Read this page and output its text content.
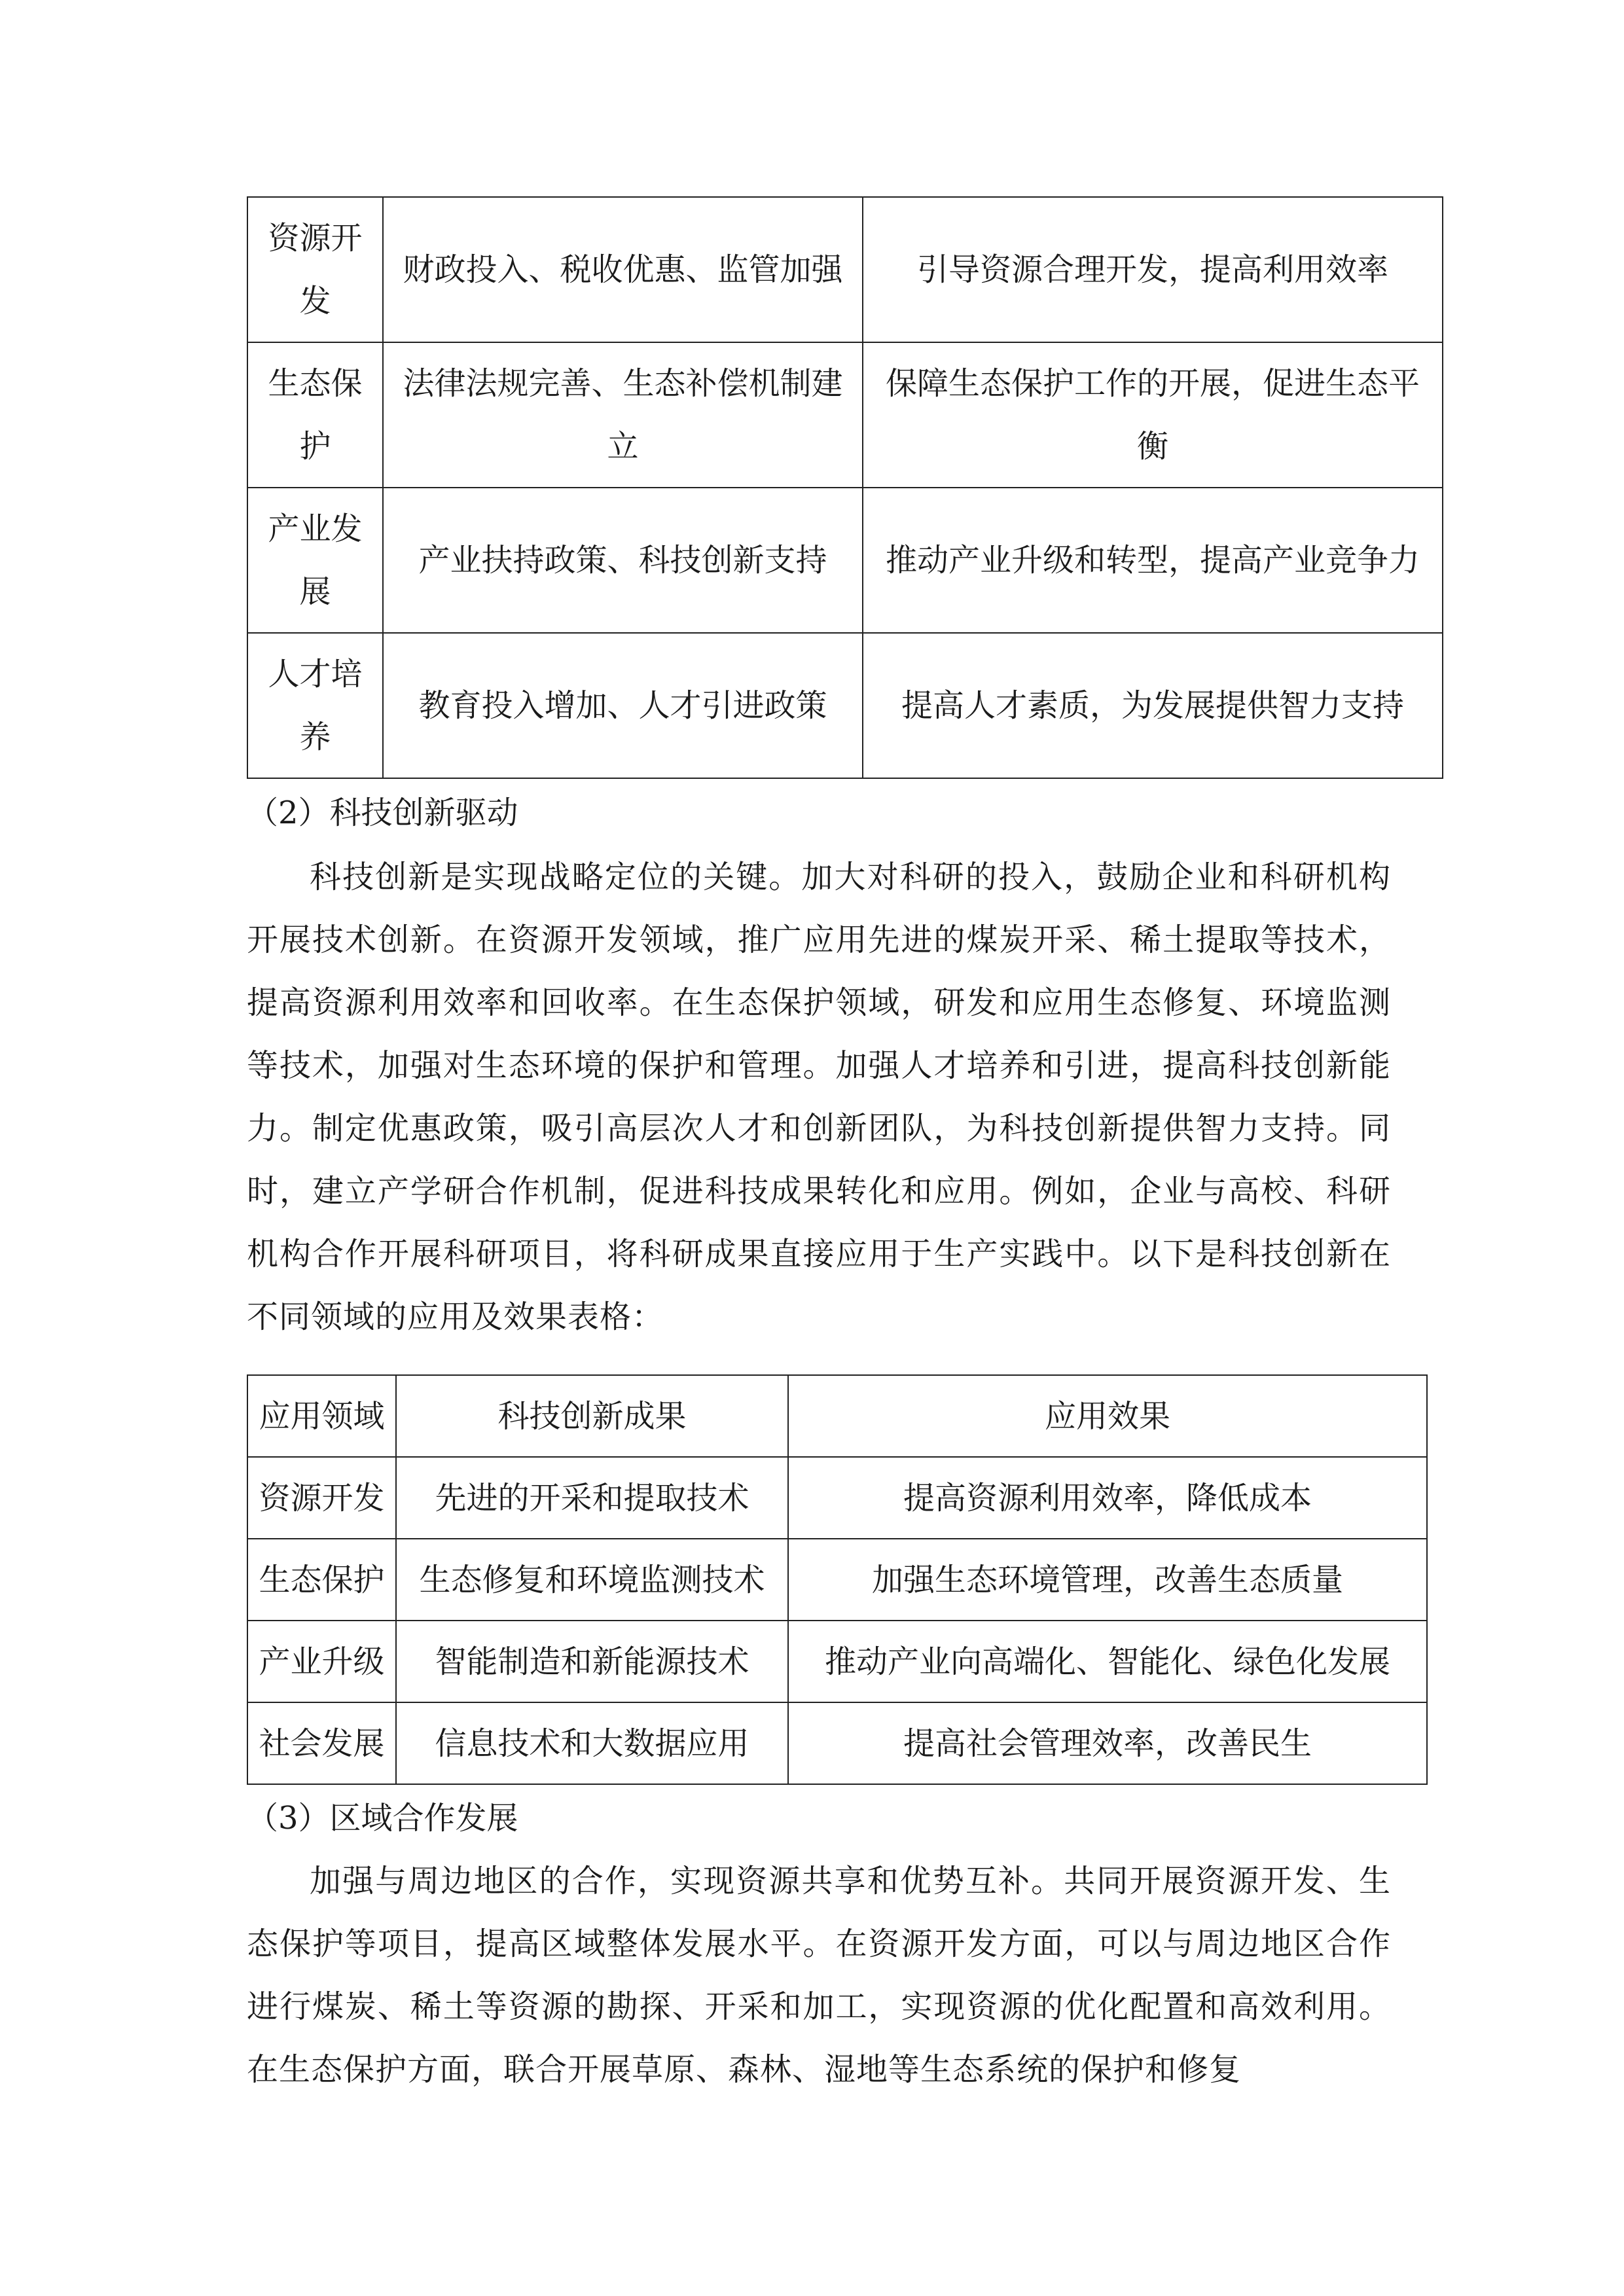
资源开发	财政投入、税收优惠、监管加强	引导资源合理开发，提高利用效率
生态保护	法律法规完善、生态补偿机制建立	保障生态保护工作的开展，促进生态平衡
产业发展	产业扶持政策、科技创新支持	推动产业升级和转型，提高产业竞争力
人才培养	教育投入增加、人才引进政策	提高人才素质，为发展提供智力支持

（2）科技创新驱动

科技创新是实现战略定位的关键。加大对科研的投入，鼓励企业和科研机构开展技术创新。在资源开发领域，推广应用先进的煤炭开采、稀土提取等技术，提高资源利用效率和回收率。在生态保护领域，研发和应用生态修复、环境监测等技术，加强对生态环境的保护和管理。加强人才培养和引进，提高科技创新能力。制定优惠政策，吸引高层次人才和创新团队，为科技创新提供智力支持。同时，建立产学研合作机制，促进科技成果转化和应用。例如，企业与高校、科研机构合作开展科研项目，将科研成果直接应用于生产实践中。以下是科技创新在不同领域的应用及效果表格：

应用领域	科技创新成果	应用效果
资源开发	先进的开采和提取技术	提高资源利用效率，降低成本
生态保护	生态修复和环境监测技术	加强生态环境管理，改善生态质量
产业升级	智能制造和新能源技术	推动产业向高端化、智能化、绿色化发展
社会发展	信息技术和大数据应用	提高社会管理效率，改善民生

（3）区域合作发展

加强与周边地区的合作，实现资源共享和优势互补。共同开展资源开发、生态保护等项目，提高区域整体发展水平。在资源开发方面，可以与周边地区合作进行煤炭、稀土等资源的勘探、开采和加工，实现资源的优化配置和高效利用。在生态保护方面，联合开展草原、森林、湿地等生态系统的保护和修复
